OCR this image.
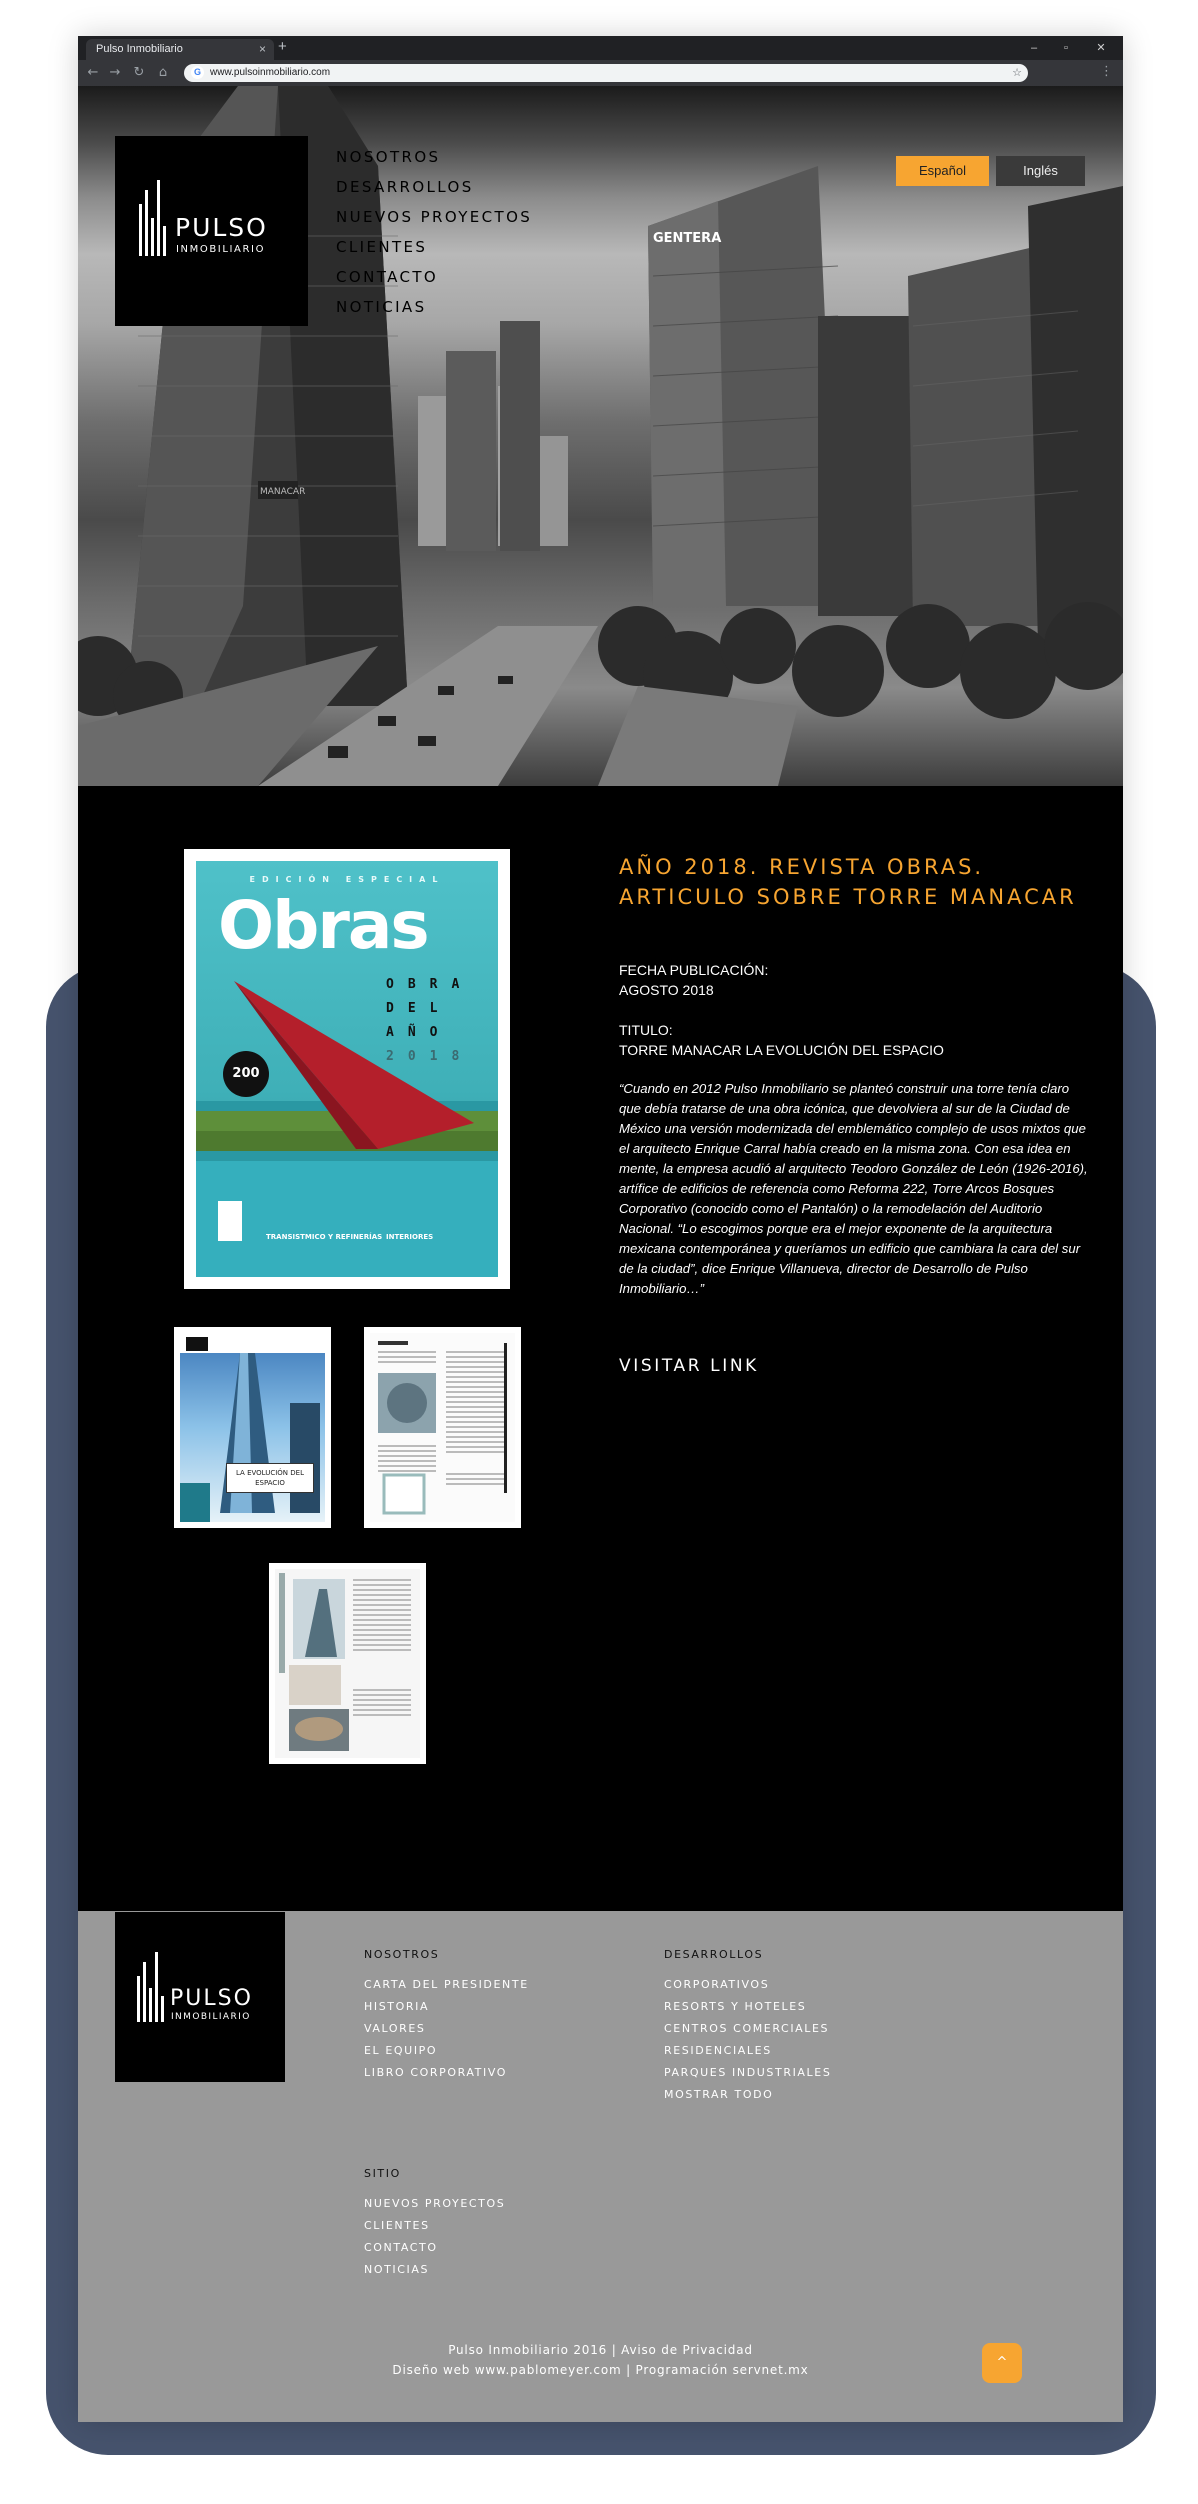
Pulso Inmobiliario	× +	–	▫	✕
← → ↻	⌂	G www.pulsoinmobiliario.com	☆	⋮
MANACAR
GENTERA
PULSO
INMOBILIARIO
NOSOTROS
DESARROLLOS
NUEVOS PROYECTOS
CLIENTES
CONTACTO
NOTICIAS
Español	Inglés
EDICIÓN ESPECIAL
Obras
OBRA
DEL
AÑO
2018
200
TRANSISTMICO Y REFINERÍAS INTERIORES
LA EVOLUCIÓN DEL ESPACIO
AÑO 2018. REVISTA OBRAS. ARTICULO SOBRE TORRE MANACAR
FECHA PUBLICACIÓN:
AGOSTO 2018
TITULO:
TORRE MANACAR LA EVOLUCIÓN DEL ESPACIO
“Cuando en 2012 Pulso Inmobiliario se planteó construir una torre tenía claro que debía tratarse de una obra icónica, que devolviera al sur de la Ciudad de México una versión modernizada del emblemático complejo de usos mixtos que el arquitecto Enrique Carral había creado en la misma zona. Con esa idea en mente, la empresa acudió al arquitecto Teodoro González de León (1926-2016), artífice de edificios de referencia como Reforma 222, Torre Arcos Bosques Corporativo (conocido como el Pantalón) o la remodelación del Auditorio Nacional. “Lo escogimos porque era el mejor exponente de la arquitectura mexicana contemporánea y queríamos un edificio que cambiara la cara del sur de la ciudad”, dice Enrique Villanueva, director de Desarrollo de Pulso Inmobiliario…”
VISITAR LINK
PULSO
INMOBILIARIO
NOSOTROS
CARTA DEL PRESIDENTE
HISTORIA
VALORES
EL EQUIPO
LIBRO CORPORATIVO
DESARROLLOS
CORPORATIVOS
RESORTS Y HOTELES
CENTROS COMERCIALES
RESIDENCIALES
PARQUES INDUSTRIALES
MOSTRAR TODO
SITIO
NUEVOS PROYECTOS
CLIENTES
CONTACTO
NOTICIAS
Pulso Inmobiliario 2016 | Aviso de Privacidad
Diseño web www.pablomeyer.com | Programación servnet.mx	^
